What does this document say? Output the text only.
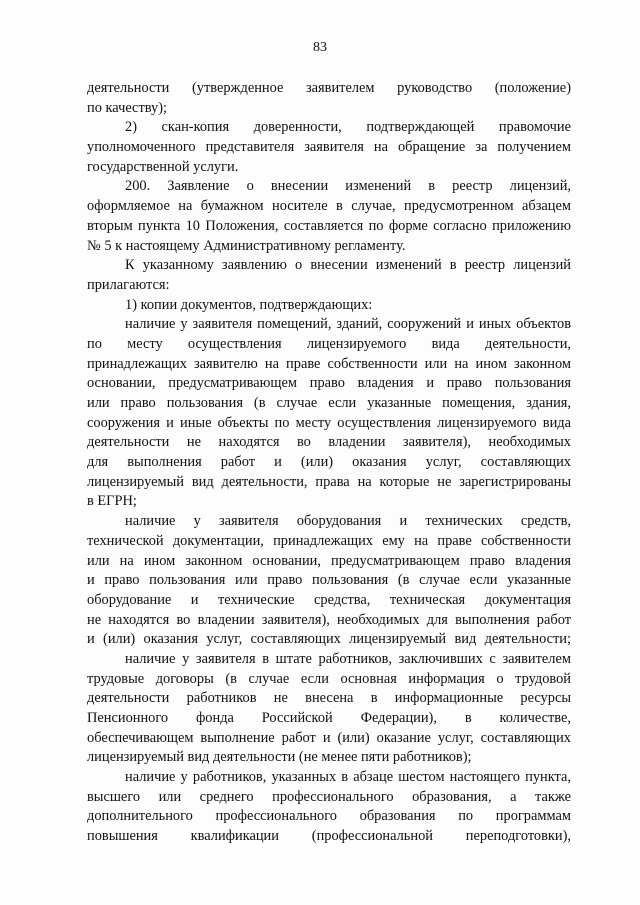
83
деятельности (утвержденное заявителем руководство (положение)
по качеству);
2) скан-копия доверенности, подтверждающей правомочие
уполномоченного представителя заявителя на обращение за получением
государственной услуги.
200. Заявление о внесении изменений в реестр лицензий,
оформляемое на бумажном носителе в случае, предусмотренном абзацем
вторым пункта 10 Положения, составляется по форме согласно приложению
№ 5 к настоящему Административному регламенту.
К указанному заявлению о внесении изменений в реестр лицензий
прилагаются:
1) копии документов, подтверждающих:
наличие у заявителя помещений, зданий, сооружений и иных объектов
по месту осуществления лицензируемого вида деятельности,
принадлежащих заявителю на праве собственности или на ином законном
основании, предусматривающем право владения и право пользования
или право пользования (в случае если указанные помещения, здания,
сооружения и иные объекты по месту осуществления лицензируемого вида
деятельности не находятся во владении заявителя), необходимых
для выполнения работ и (или) оказания услуг, составляющих
лицензируемый вид деятельности, права на которые не зарегистрированы
в ЕГРН;
наличие у заявителя оборудования и технических средств,
технической документации, принадлежащих ему на праве собственности
или на ином законном основании, предусматривающем право владения
и право пользования или право пользования (в случае если указанные
оборудование и технические средства, техническая документация
не находятся во владении заявителя), необходимых для выполнения работ
и (или) оказания услуг, составляющих лицензируемый вид деятельности;
наличие у заявителя в штате работников, заключивших с заявителем
трудовые договоры (в случае если основная информация о трудовой
деятельности работников не внесена в информационные ресурсы
Пенсионного фонда Российской Федерации), в количестве,
обеспечивающем выполнение работ и (или) оказание услуг, составляющих
лицензируемый вид деятельности (не менее пяти работников);
наличие у работников, указанных в абзаце шестом настоящего пункта,
высшего или среднего профессионального образования, а также
дополнительного профессионального образования по программам
повышения квалификации (профессиональной переподготовки),
